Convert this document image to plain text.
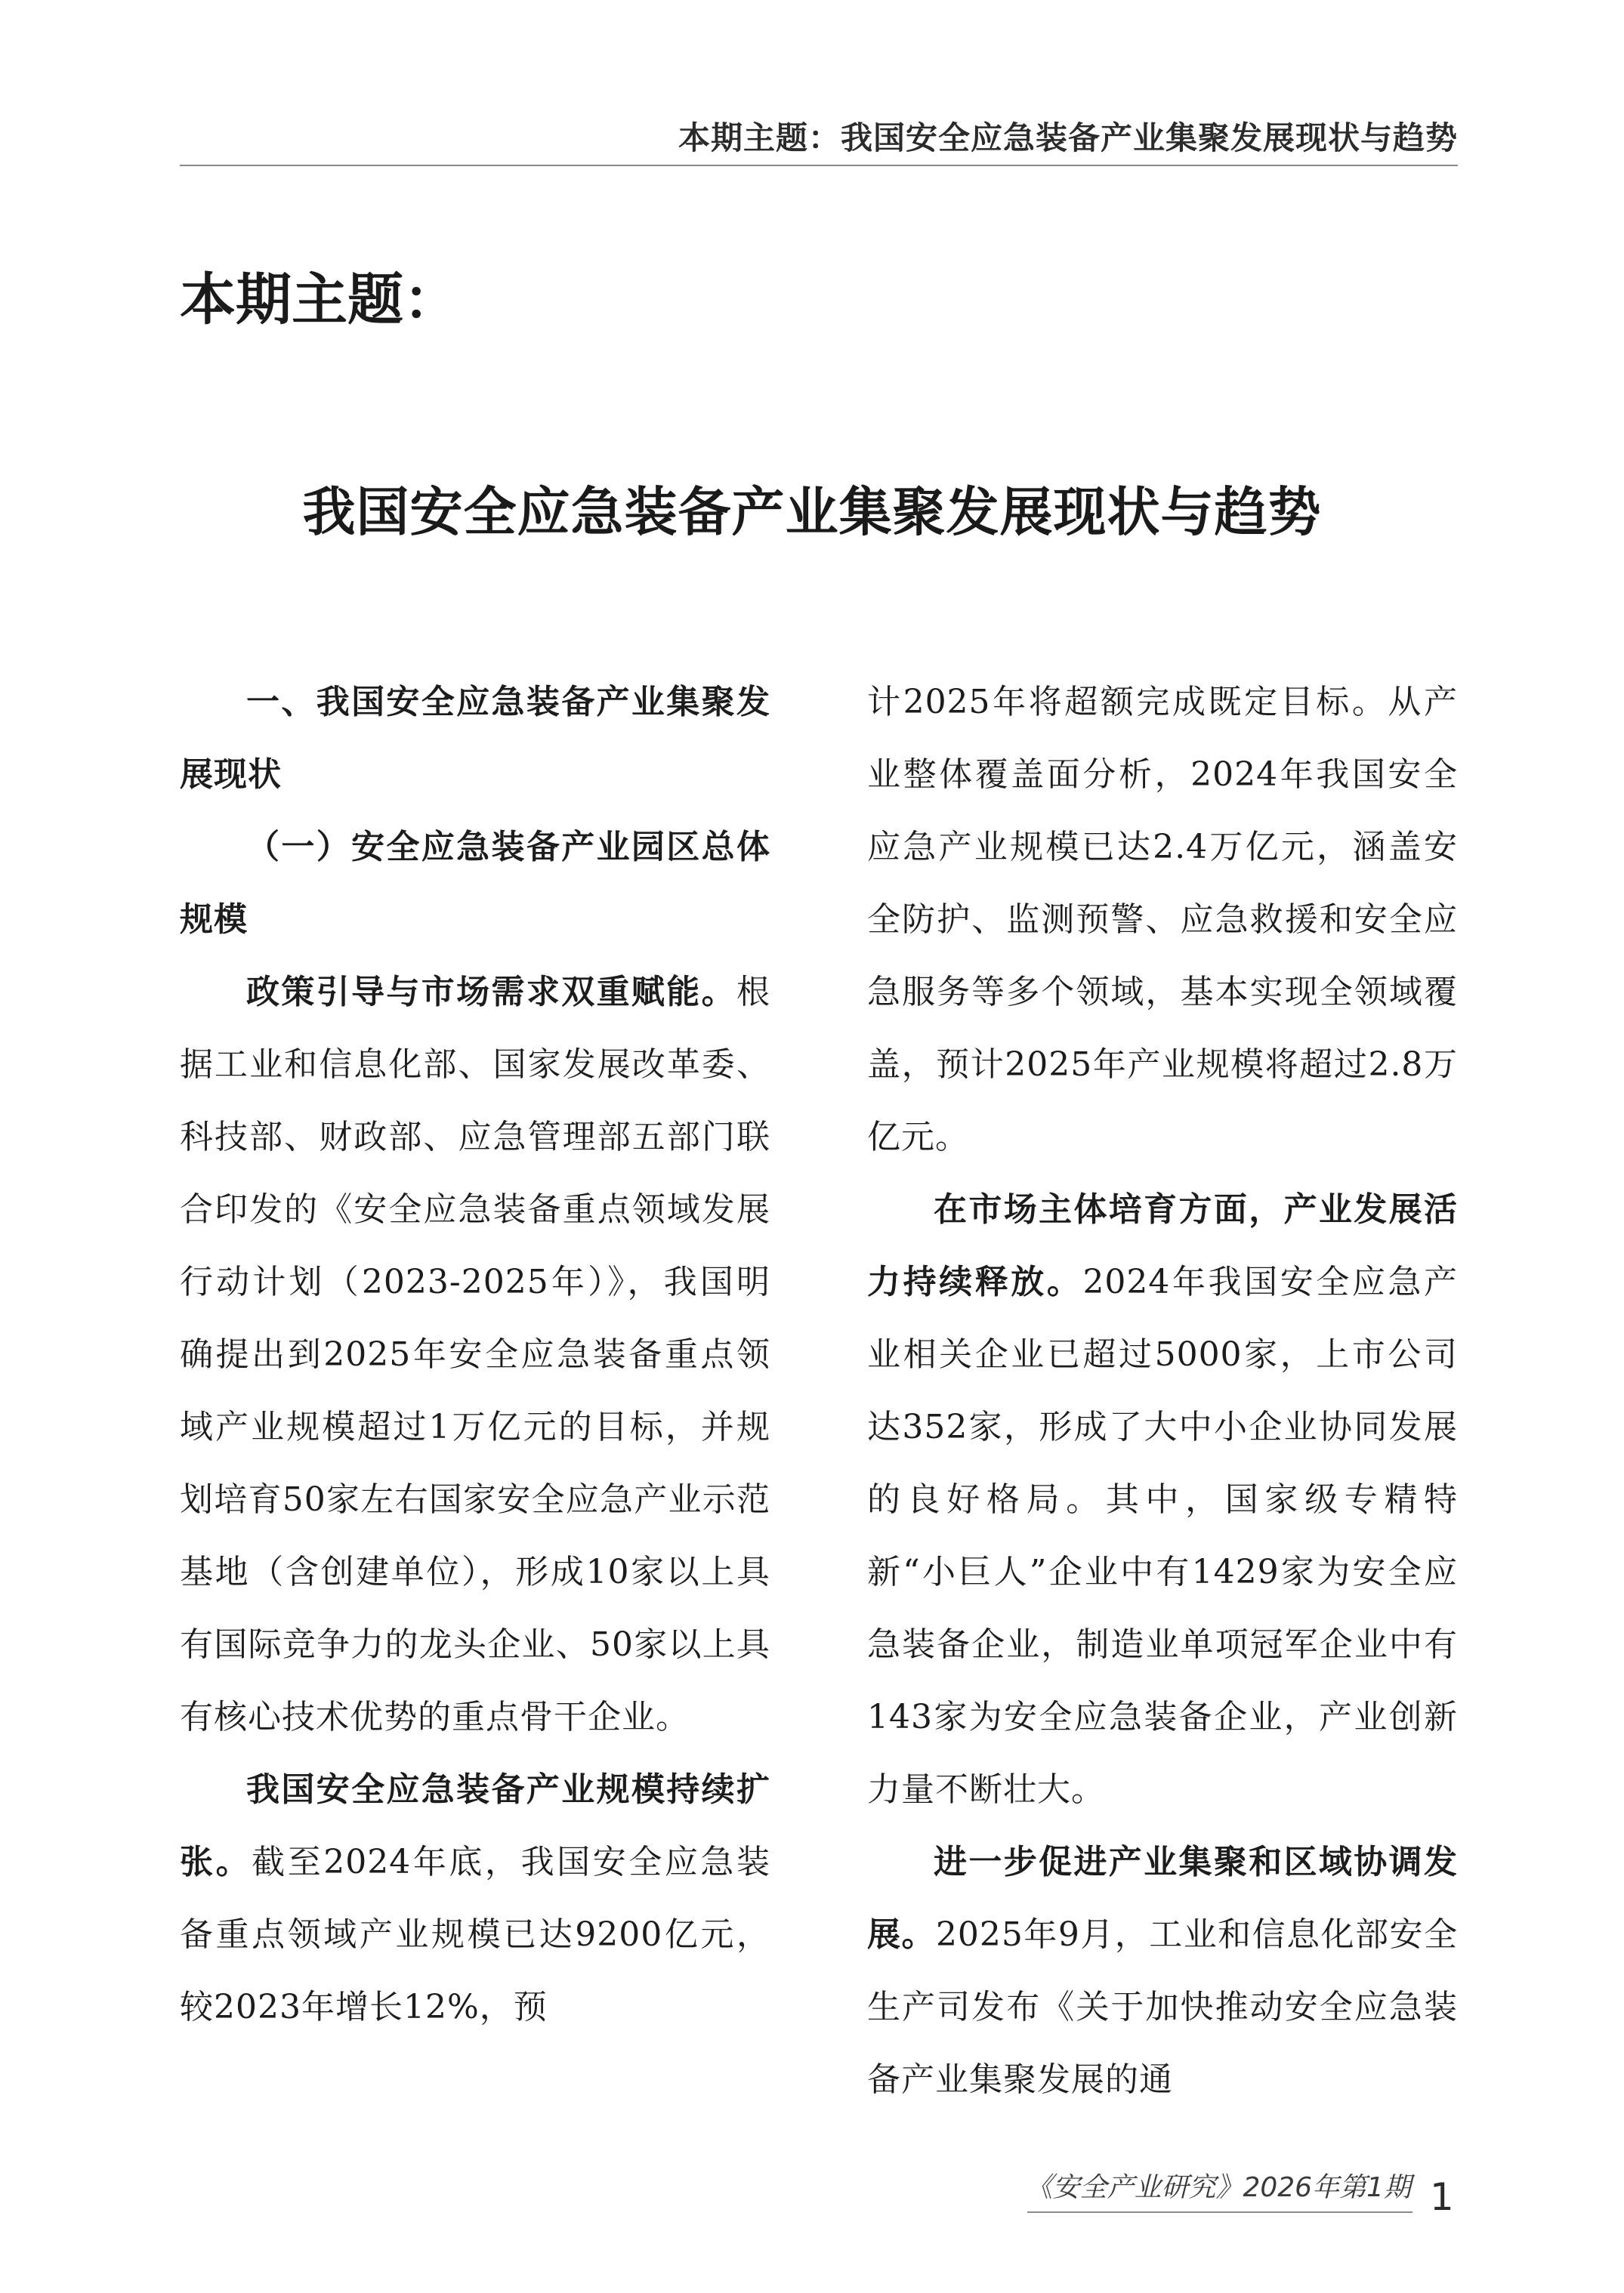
本期主题：我国安全应急装备产业集聚发展现状与趋势
本期主题：
我国安全应急装备产业集聚发展现状与趋势

一、我国安全应急装备产业集聚发展现状

（一）安全应急装备产业园区总体规模

政策引导与市场需求双重赋能。根据工业和信息化部、国家发展改革委、科技部、财政部、应急管理部五部门联合印发的《安全应急装备重点领域发展行动计划（2023-2025年）》，我国明确提出到2025年安全应急装备重点领域产业规模超过1万亿元的目标，并规划培育50家左右国家安全应急产业示范基地（含创建单位），形成10家以上具有国际竞争力的龙头企业、50家以上具有核心技术优势的重点骨干企业。

我国安全应急装备产业规模持续扩张。截至2024年底，我国安全应急装备重点领域产业规模已达9200亿元，较2023年增长12%，预

计2025年将超额完成既定目标。从产业整体覆盖面分析，2024年我国安全应急产业规模已达2.4万亿元，涵盖安全防护、监测预警、应急救援和安全应急服务等多个领域，基本实现全领域覆盖，预计2025年产业规模将超过2.8万亿元。

在市场主体培育方面，产业发展活力持续释放。2024年我国安全应急产业相关企业已超过5000家，上市公司达352家，形成了大中小企业协同发展的良好格局。其中，国家级专精特新“小巨人”企业中有1429家为安全应急装备企业，制造业单项冠军企业中有143家为安全应急装备企业，产业创新力量不断壮大。

进一步促进产业集聚和区域协调发展。2025年9月，工业和信息化部安全生产司发布《关于加快推动安全应急装备产业集聚发展的通

《安全产业研究》2026年第1期 1
